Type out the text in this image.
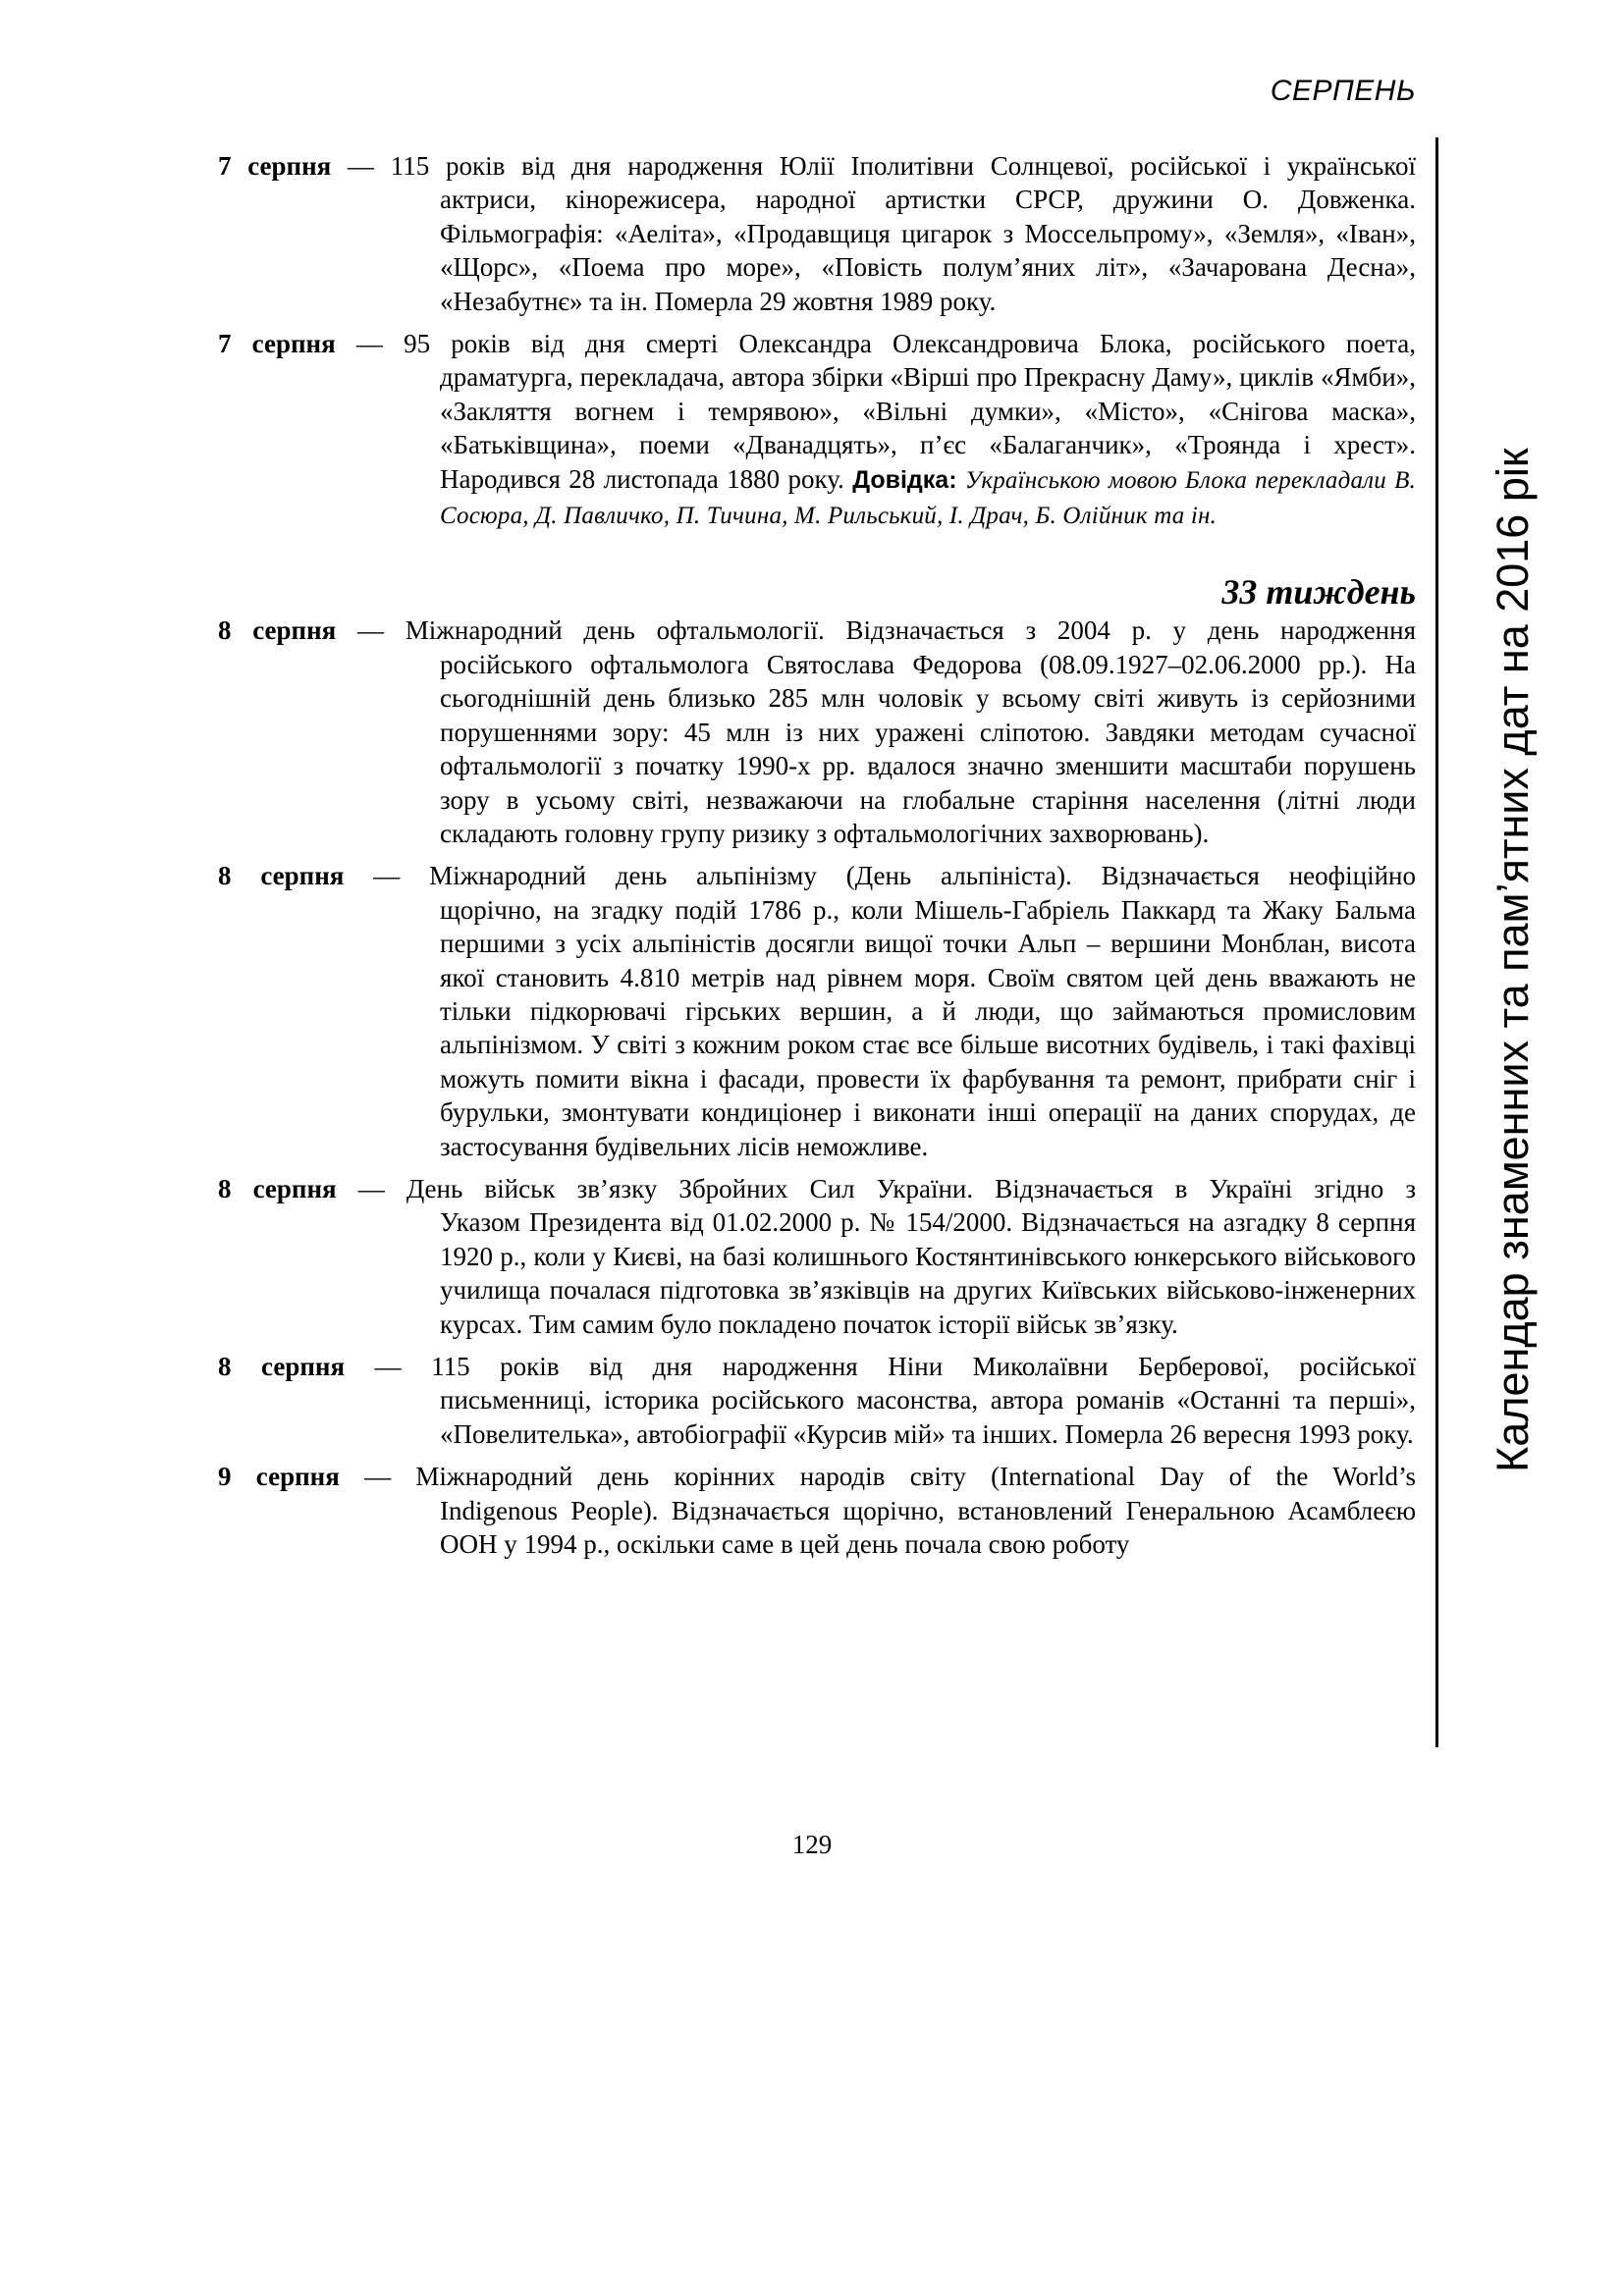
СЕРПЕНЬ
7 серпня — 115 років від дня народження Юлії Іполитівни Солнцевої, російської і української
актриси, кінорежисера, народної артистки СРСР, дружини О. Довженка. Фільмографія: «Аеліта», «Продавщиця цигарок з Моссельпрому», «Земля», «Іван», «Щорс», «Поема про море», «Повість полум’яних літ», «Зачарована Десна», «Незабутнє» та ін. Померла 29 жовтня 1989 року.
7 серпня — 95 років від дня смерті Олександра Олександровича Блока, російського поета,
драматурга, перекладача, автора збірки «Вірші про Прекрасну Даму», циклів «Ямби», «Закляття вогнем і темрявою», «Вільні думки», «Місто», «Снігова маска», «Батьківщина», поеми «Дванадцять», п’єс «Балаганчик», «Троянда і хрест». Народився 28 листопада 1880 року. Довідка: Українською мовою Блока перекладали В. Сосюра, Д. Павличко, П. Тичина, М. Рильський, І. Драч, Б. Олійник та ін.
33 тиждень
8 серпня — Міжнародний день офтальмології. Відзначається з 2004 р. у день народження
російського офтальмолога Святослава Федорова (08.09.1927–02.06.2000 рр.). На сьогоднішній день близько 285 млн чоловік у всьому світі живуть із серйозними порушеннями зору: 45 млн із них уражені сліпотою. Завдяки методам сучасної офтальмології з початку 1990-х рр. вдалося значно зменшити масштаби порушень зору в усьому світі, незважаючи на глобальне старіння населення (літні люди складають головну групу ризику з офтальмологічних захворювань).
8 серпня — Міжнародний день альпінізму (День альпініста). Відзначається неофіційно
щорічно, на згадку подій 1786 р., коли Мішель-Габріель Паккард та Жаку Бальма першими з усіх альпіністів досягли вищої точки Альп – вершини Монблан, висота якої становить 4.810 метрів над рівнем моря. Своїм святом цей день вважають не тільки підкорювачі гірських вершин, а й люди, що займаються промисловим альпінізмом. У світі з кожним роком стає все більше висотних будівель, і такі фахівці можуть помити вікна і фасади, провести їх фарбування та ремонт, прибрати сніг і бурульки, змонтувати кондиціонер і виконати інші операції на даних спорудах, де застосування будівельних лісів неможливе.
8 серпня — День військ зв’язку Збройних Сил України. Відзначається в Україні згідно з
Указом Президента від 01.02.2000 р. № 154/2000. Відзначається на азгадку 8 серпня 1920 р., коли у Києві, на базі колишнього Костянтинівського юнкерського військового училища почалася підготовка зв’язківців на других Київських військово-інженерних курсах. Тим самим було покладено початок історії військ зв’язку.
8 серпня — 115 років від дня народження Ніни Миколаївни Берберової, російської
письменниці, історика російського масонства, автора романів «Останні та перші», «Повелителька», автобіографії «Курсив мій» та інших. Померла 26 вересня 1993 року.
9 серпня — Міжнародний день корінних народів світу (International Day of the World’s
Indigenous People). Відзначається щорічно, встановлений Генеральною Асамблеєю ООН у 1994 р., оскільки саме в цей день почала свою роботу
Календар знаменних та пам’ятних дат на 2016 рік
129
